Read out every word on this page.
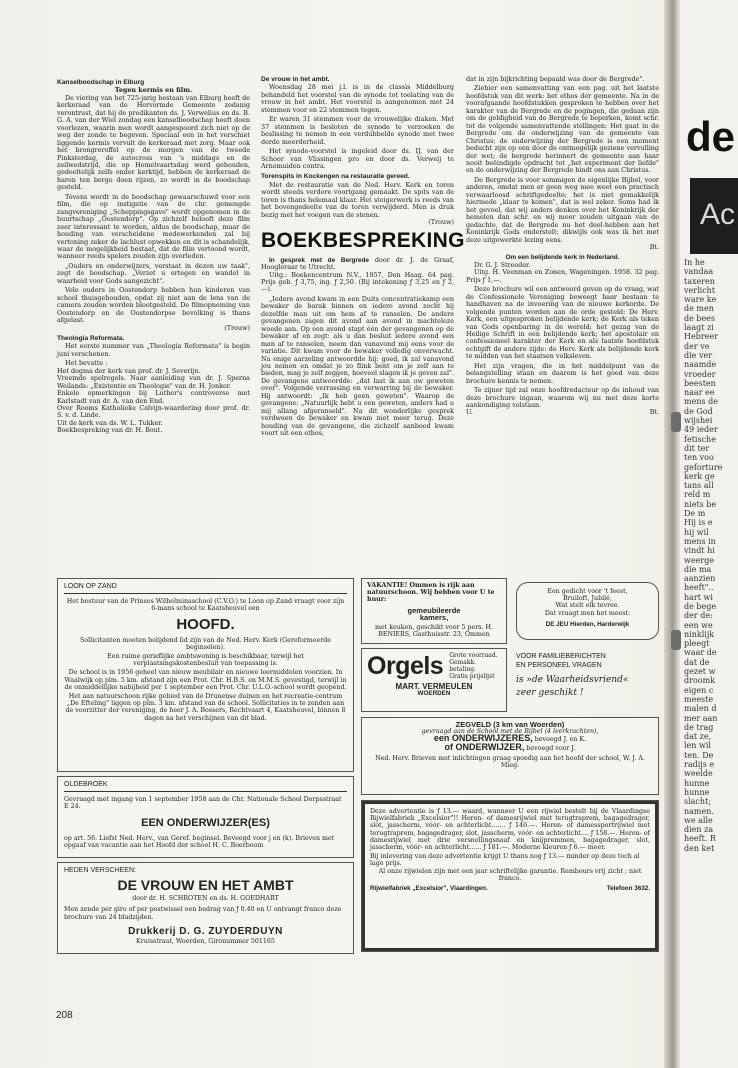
Kanselboodschap in Elburg
Tegen kermis en film.

De viering van het 725-jarig bestaan van Elburg heeft de kerkeraad van de Hervormde Gemeente zodanig verontrust, dat hij de predikanten ds. J. Verwelius en ds. B. G. A. van der Wiel zondag een kanselboodschap heeft doen voorlezen, waarin men wordt aangespoord zich niet op de weg der zonde te begeven. Speciaal een in het verschiet liggende kermis vervult de kerkeraad met zorg. Maar ook het brongreroffel op de morgen van de tweede Pinksterdag, de autocross van 's middags en de zeilwedstrijd, die op Hemelvaartsdag werd gehouden, gedeeltelijk zelfs onder kerktijd, hebben de kerkeraad de haren ten berge doen rijzen, zo wordt in de boodschap gesteld.

Tevens wordt in de boodschap gewaarschuwd voor een film, die op instigatie van de chr. gemengde zangvereniging „Scheppingsgave" wordt opgenomen in de buurtschap „Oostendorp". Op zichzelf belooft deze film zeer interessant te worden, aldus de boodschap, maar de houding van verscheidene medewerkenden zal bij vertoning zeker de lachlust opwekken en dit is schandelijk, waar de mogelijkheid bestaat, dat de film vertoond wordt, wanneer reeds spelers zouden zijn overleden.

„Ouders en onderwijzers, verstaat in dezen uw taak", zegt de boodschap. „Verzet u ertegen en wandel in waarheid voor Gods aangezicht".

Vele ouders in Oostendorp hebben hun kinderen van school thuisgehouden, opdat zij niet aan de lens van de camera zouden worden blootgesteld. De filmopneming van Oostendorp en de Oostendorpse bevolking is thans afgelast.

(Trouw)
Theologia Reformata.

Het eerste nummer van „Theologia Reformata" is begin juni verschenen.

Het bevatte :

Het dogma der kerk van prof. dr. J. Severijn.
Vreemde spelregels. Naar aanleiding van dr. J. Sperna Weilands: „Existentie en Theologie" van dr. H. Jonker.
Enkele opmerkingen bij Luther's controverse met Karlstadt van dr. A. van den End.
Over Rooms Katholieke Calvijn-waardering door prof. dr. S. v. d. Linde.
Uit de kerk van ds. W. L. Tukker.
Boekbespreking van dr. H. Bout.
De vrouw in het ambt.

Woensdag 28 mei j.l. is in de classis Middelburg behandeld het voorstel van de synode tot toelating van de vrouw in het ambt. Het voorstel is aangenomen met 24 stemmen voor en 22 stemmen tegen.

Er waren 31 stemmen voor de vrouwelijke diaken. Met 37 stemmen is besloten de synode te verzoeken de beslissing te nemen in een verdubbelde synode met twee derde meerderheid.

Het synode-voorstel is ingeleid door ds. IJ. van der Schoor van Vlissingen pro en door ds. Verweij te Arnemuiden contra.

Torenspits in Kockengen na restauratie gereed.

Met de restauratie van de Ned. Herv. Kerk en toren wordt steeds verdere voortgang gemaakt. De spits van de toren is thans helemaal klaar. Het steigerwerk is reeds van het bovengedeelte van de toren verwijderd. Men is druk bezig met het voegen van de stenen.

(Trouw)
BOEKBESPREKING

In gesprek met de Bergrede door dr. J. de Graaf, Hoogleraar te Utrecht.

Uitg.: Boekencentrum N.V., 1957, Den Haag. 64 pag. Prijs geb. ƒ 3,75, ing. ƒ 2,50. (Bij intekening ƒ 3,25 en ƒ 2,—).

„Iedere avond kwam in een Duits concentratiekamp een bewaker de barak binnen en iedere avond zocht hij dezelfde man uit om hem af te ranselen. De andere gevangenen zagen dit avond aan avond in machteloze woede aan. Op een avond stapt één der gevangenen op de bewaker af en zegt: als u dan besluit iedere avond een man af te ranselen, neem dan vanavond mij eens voor de variatie. Dit kwam voor de bewaker volledig onverwacht. Na enige aarzeling antwoordde hij: goed, ik zal vanavond jou nemen en omdat je zo flink bent om je zelf aan te bieden, mag je zelf zeggen, hoeveel slagen ik je geven zal". De gevangene antwoordde: „dat laat ik aan uw geweten over". Volgende verrassing en verwarring bij de bewaker. Hij antwoordt: „Ik heb geen geweten". Waarop de gevangene: „Natuurlijk hebt u een geweten, anders had u mij allang afgeranseld". Na dit wonderlijke gesprek verdween de bewaker en kwam niet meer terug. Deze houding van de gevangene, die zichzelf aanbood kwam voort uit een ethos,

dat in zijn bijkrichting bepaald was door de Bergrede".

Ziehier een samenvatting van een pag. uit het laatste hoofdstuk van dit werk: het ethos der gemeente. Na in de voorafgaande hoofdstukken gesproken te hebben over het karakter van de Bergrede en de pogingen, die gedaan zijn om de geldigheid van de Bergrede te beperken, komt schr. tot de volgende samenvattende stellingen: Het gaat in de Bergrede om de onderwijzing van de gemeente van Christus; de onderwijzing der Bergrede is een moment beducht zijn op een door de ontmogelijk geziene vervulling der wet; de bergrede herinnert de gemeente aan haar nooit beëindigde opdracht tot „het experiment der liefde" en de onderwijzing der Bergrede bindt ons aan Christus.

De Bergrede is voor sommigen de eigenlijke Bijbel, voor anderen, omdat men er geen weg mee weet een practisch verwaarloosd schriftgedeelte; het is niet gemakkelijk hiermede „klaar te komen", dat is wel zeker. Soms had ik het gevoel, dat wij anders denken over het Koninkrijk der hemelen dan schr. en wij meer zouden uitgaan van de gedachte, dat de Bergrede nu het deel-hebben aan het Koninkrijk Gods onderstelt; dikwijls ook was ik het met deze uitgewerkte lezing eens.

Bt.
Om een belijdende kerk in Nederland.
Dr. G. J. Streeder.

Uitg. H. Veenman en Zonen, Wageningen. 1958. 32 pag. Prijs ƒ 1,—.

Deze brochure wil een antwoord geven op de vraag, wat de Confessionele Vereniging beweegt haar bestaan te handhaven na de invoering van de nieuwe kerkorde. De volgende punten worden aan de orde gesteld: De Herv. Kerk, een uitgesproken belijdende kerk; de Kerk als teken van Gods openbaring in de wereld; het gezag van de Heilige Schrift in een belijdende kerk; het apostolair en confessioneel karakter der Kerk en als laatste hoofdstuk echtgift de andere zijde: de Herv. Kerk als belijdende kerk te midden van het staatsen volksleven.

Het zijn vragen, die in het middelpunt van de belangstelling staan en daarom is het goed van deze brochure kennis te nemen.

Te zijner tijd zal onze hoofdredacteur op de inhoud van deze brochure ingaan, waarom wij nu met deze korte aankondiging volstaan.

U.	Bt.
LOON OP ZAND
Het bestuur van de Prinses Wilhelminaschool (C.V.O.) te Loon op Zand vraagt voor zijn 6-mans school te Kaatsheuvel een
HOOFD.
Sollicitanten moeten belijdend lid zijn van de Ned. Herv. Kerk (Gereformeerde beginselen).
Een ruime gerieflijke ambtswoning is beschikbaar, terwijl het verplaatsingskostenbesluit van toepassing is.
De school is in 1956 geheel van nieuw meubilair en nieuwe leermiddelen voorzien. In Waalwijk op plm. 5 km. afstand zijn een Prot. Chr. H.B.S. en M.M.S. gevestigd, terwijl in de onmiddellijke nabijheid per 1 september een Prot. Chr. U.L.O.-school wordt geopend.
Het aan natuurschoon rijke gebied van de Drunense duinen en het recreatie-centrum „De Efteling" liggen op plm. 3 km. afstand van de school. Sollicitaties in te zenden aan de voorzitter der vereniging, de heer J. A. Bossers, Rechtvaart 4, Kaatsheuvel, binnen 8 dagen na het verschijnen van dit blad.
OLDEBROEK
Gevraagd met ingang van 1 september 1958 aan de Chr. Nationale School Dorpsstraat E 24.
EEN ONDERWIJZER(ES)
op art. 56. Liefst Ned. Herv., van Geref. beginsel. Beveegd voor j en (k). Brieven met opgaaf van vacantie aan het Hoofd der school H. C. Boerboom
HEDEN VERSCHEEN:
DE VROUW EN HET AMBT
door dr. H. SCHROTEN en ds. H. GOEDHART
Men zende per giro of per postwissel een bedrag van ƒ 0.40 en U ontvangt franco deze brochure van 24 bladzijden.
Drukkerij D. G. ZUYDERDUYN
Kruisstraat, Woerden, Gironummer 501165
VAKANTIE! Ommen is rijk aan natuurschoon. Wij hebben voor U te huur:
gemeubileerde
kamers,
met keuken, geschikt voor 5 pers. H. BENIERS, Gasthuisstr. 23, Ommen
Een gedicht voor 't feest,
Bruiloft, Jubilé,
Wat stelt elk tevree.
Dat vraagt men het meest:
DE JEU Hierden, Harderwijk
Orgels Grote voorraad.
Gemakk. betaling.
Gratis prijslijst
MART. VERMEULEN
WOERDEN
VOOR FAMILIEBERICHTEN
EN PERSONEEL VRAGEN
is »de Waarheidsvriend«
zeer geschikt !
ZEGVELD (3 km van Woerden)
gevraagd aan de School met de Bijbel (4 leerkrachten),
een ONDERWIJZERES, bevoegd J. en K.
of ONDERWIJZER, bevoegd voor J.
Ned. Herv. Brieven met inlichtingen graag spoedig aan het hoofd der school, W. J. A. Mieg.
Deze advertentie is ƒ 13.— waard, wanneer U een rijwiel bestelt bij de Vlaardingse Rijwielfabriek „Excelsior"!! Heren- of damesrijwiel met terugtraprem, bagagedrager, slot, jasscherm, vóór- en achterlicht....... ƒ 146.—. Heren- of damessportrijwiel met terugtraprem, bagagedrager, slot, jasscherm, vóór- en achterlicht.... ƒ 158.—. Heren- of damesrijwiel met drie versnellingsnaaf en knijpremmen, bagagedrager, slot, jasscherm, vóór- en achterlicht...... ƒ 181.—. Moderne kleuren ƒ 6.— meer.
Bij inlevering van deze advertentie krijgt U thans nog ƒ 13.— minder op deze toch al lage prijs.
Al onze rijwielen zijn met een jaar schriftelijke garantie. Rembours vrij zicht ; niet franco.
Rijwielfabriek „Excelsior", Vlaardingen.	Telefoon 3632.
208
de
Ac
In he
vandaa
taxeren
verlicht
ware ke
de men
de bees
laagt zi
Hebreer
der ve
die ver
naamde
vroeder
beesten
naar ee
mens de
de God
wijshei
49 ieder
fetische
dit ter
ten voo
geforture
kerk ge
tans all
reld m
niets be
De m
Hij is e
hij wil
mens in
vindt hi
weerge
die ma
aanzien
heeft"..
hart wi
de bege
der de:
een we
ninklijk
pleegt
waar de
dat de
gezet w
droomk
eigen c
meeste
malen d
mer aan
de trag
dat ze,
len wil
ten. De
radijs e
weelde
hunne
hunne
slacht;
namen.
we alle
dien za
heeft. R
den ket
